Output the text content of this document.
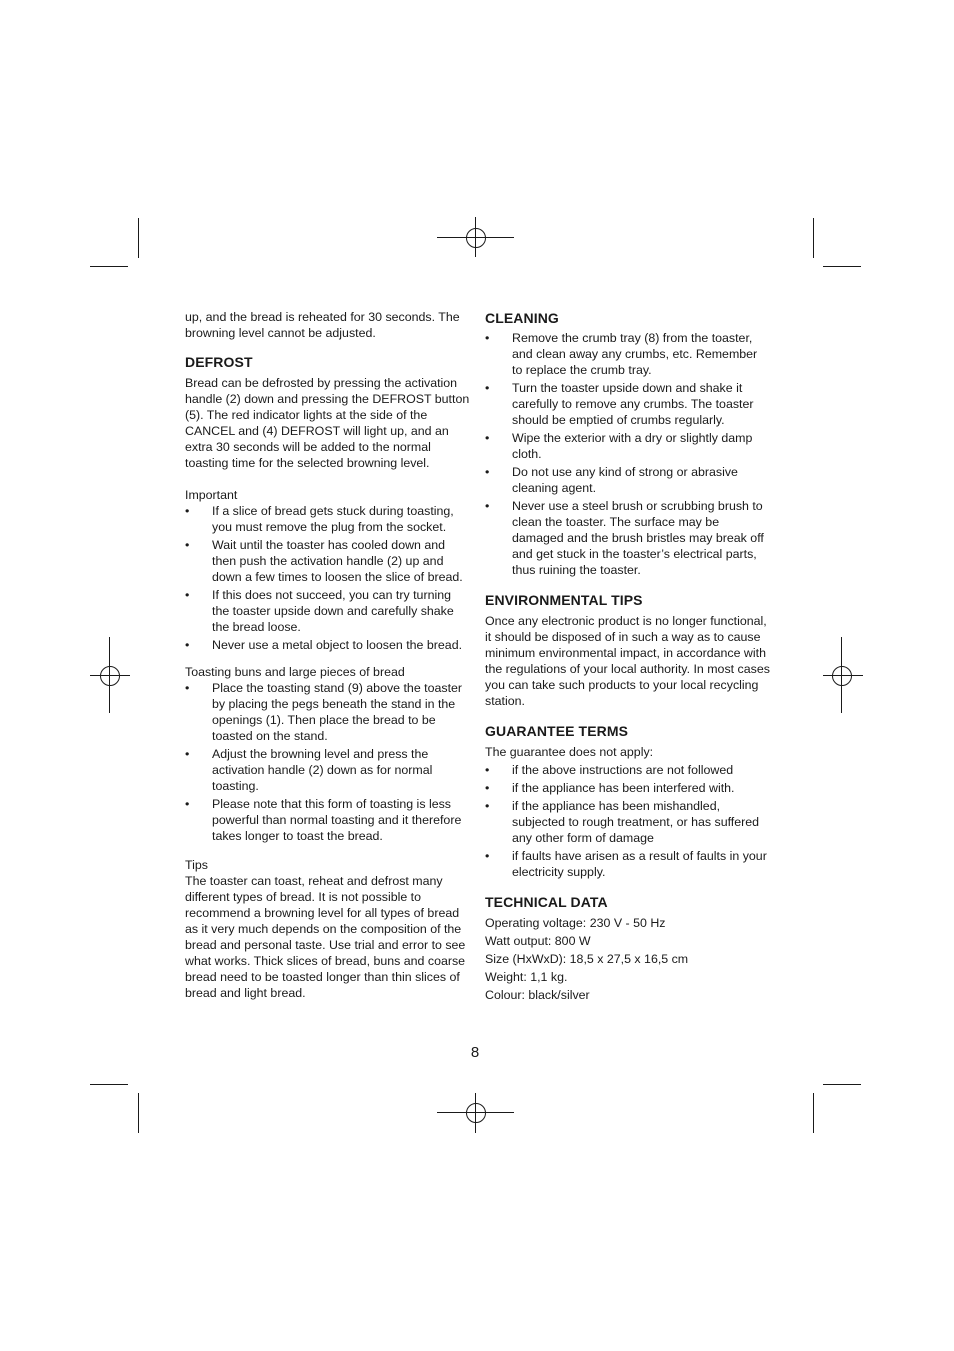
up, and the bread is reheated for 30 seconds. The browning level cannot be adjusted.

DEFROST

Bread can be defrosted by pressing the activation handle (2) down and pressing the DEFROST button (5). The red indicator lights at the side of the CANCEL and (4) DEFROST will light up, and an extra 30 seconds will be added to the normal toasting time for the selected browning level.

Important

• If a slice of bread gets stuck during toasting, you must remove the plug from the socket.
• Wait until the toaster has cooled down and then push the activation handle (2) up and down a few times to loosen the slice of bread.
• If this does not succeed, you can try turning the toaster upside down and carefully shake the bread loose.
• Never use a metal object to loosen the bread.

Toasting buns and large pieces of bread

• Place the toasting stand (9) above the toaster by placing the pegs beneath the stand in the openings (1). Then place the bread to be toasted on the stand.
• Adjust the browning level and press the activation handle (2) down as for normal toasting.
• Please note that this form of toasting is less powerful than normal toasting and it therefore takes longer to toast the bread.

Tips

The toaster can toast, reheat and defrost many different types of bread. It is not possible to recommend a browning level for all types of bread as it very much depends on the composition of the bread and personal taste. Use trial and error to see what works. Thick slices of bread, buns and coarse bread need to be toasted longer than thin slices of bread and light bread.

CLEANING
• Remove the crumb tray (8) from the toaster, and clean away any crumbs, etc. Remember to replace the crumb tray.
• Turn the toaster upside down and shake it carefully to remove any crumbs. The toaster should be emptied of crumbs regularly.
• Wipe the exterior with a dry or slightly damp cloth.
• Do not use any kind of strong or abrasive cleaning agent.
• Never use a steel brush or scrubbing brush to clean the toaster. The surface may be damaged and the brush bristles may break off and get stuck in the toaster’s electrical parts, thus ruining the toaster.
ENVIRONMENTAL TIPS

Once any electronic product is no longer functional, it should be disposed of in such a way as to cause minimum environmental impact, in accordance with the regulations of your local authority. In most cases you can take such products to your local recycling station.

GUARANTEE TERMS

The guarantee does not apply:

• if the above instructions are not followed
• if the appliance has been interfered with.
• if the appliance has been mishandled, subjected to rough treatment, or has suffered any other form of damage
• if faults have arisen as a result of faults in your electricity supply.
TECHNICAL DATA

Operating voltage: 230 V - 50 Hz

Watt output: 800 W

Size (HxWxD): 18,5 x 27,5 x 16,5 cm

Weight: 1,1 kg.

Colour: black/silver

8
